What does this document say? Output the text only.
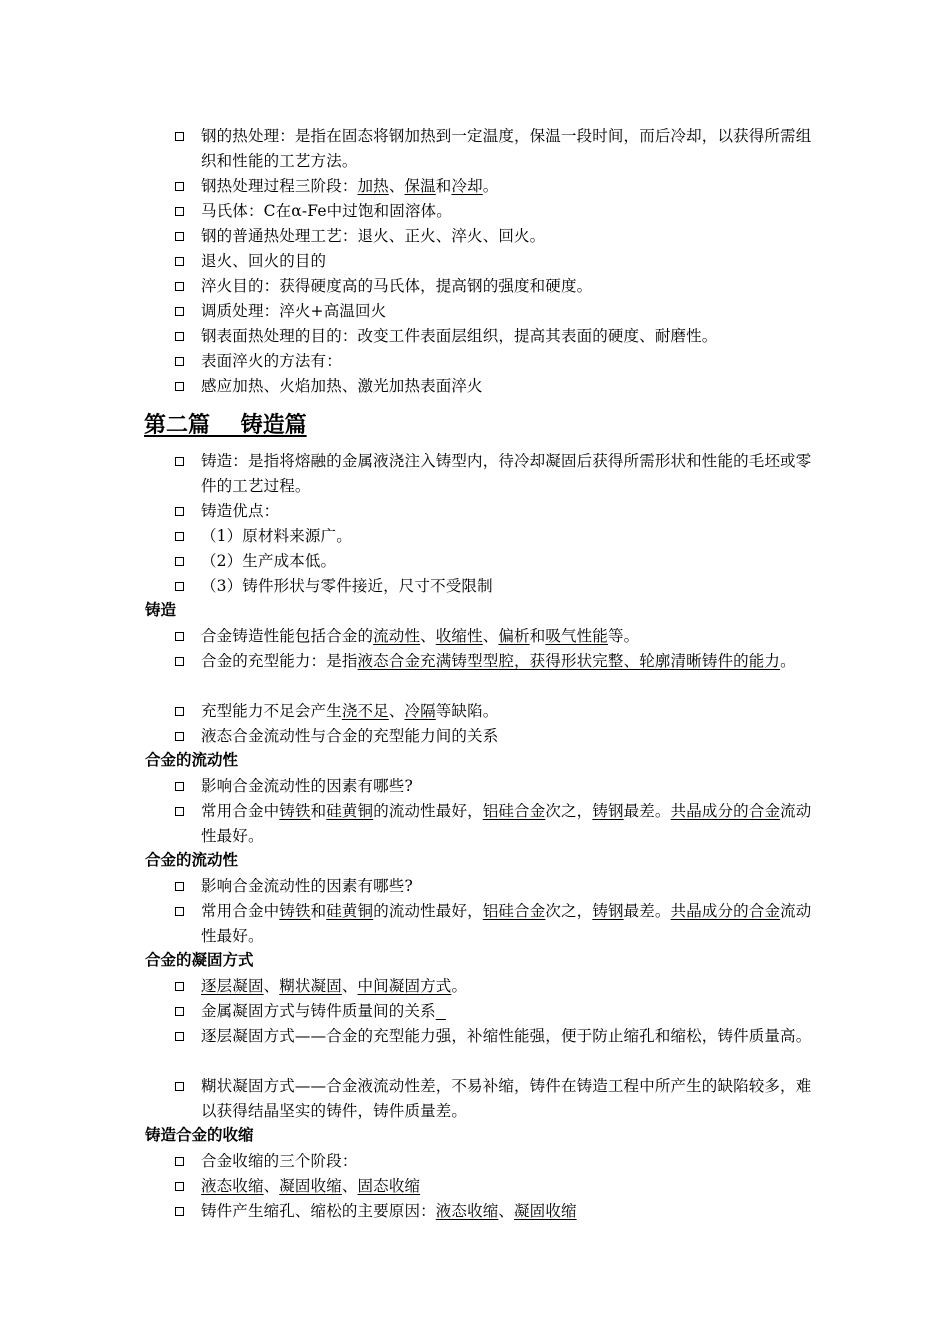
钢的热处理：是指在固态将钢加热到一定温度，保温一段时间，而后冷却，以获得所需组织和性能的工艺方法。
钢热处理过程三阶段：加热、保温和冷却。
马氏体：C在α-Fe中过饱和固溶体。
钢的普通热处理工艺：退火、正火、淬火、回火。
退火、回火的目的
淬火目的：获得硬度高的马氏体，提高钢的强度和硬度。
调质处理：淬火+高温回火
钢表面热处理的目的：改变工件表面层组织，提高其表面的硬度、耐磨性。
表面淬火的方法有：
感应加热、火焰加热、激光加热表面淬火
第二篇    铸造篇
铸造：是指将熔融的金属液浇注入铸型内，待冷却凝固后获得所需形状和性能的毛坯或零件的工艺过程。
铸造优点：
（1）原材料来源广。
（2）生产成本低。
（3）铸件形状与零件接近，尺寸不受限制
铸造
合金铸造性能包括合金的流动性、收缩性、偏析和吸气性能等。
合金的充型能力：是指液态合金充满铸型型腔，获得形状完整、轮廓清晰铸件的能力。
充型能力不足会产生浇不足、冷隔等缺陷。
液态合金流动性与合金的充型能力间的关系
合金的流动性
影响合金流动性的因素有哪些?
常用合金中铸铁和硅黄铜的流动性最好，铝硅合金次之，铸钢最差。共晶成分的合金流动性最好。
合金的流动性
影响合金流动性的因素有哪些?
常用合金中铸铁和硅黄铜的流动性最好，铝硅合金次之，铸钢最差。共晶成分的合金流动性最好。
合金的凝固方式
逐层凝固、糊状凝固、中间凝固方式。
金属凝固方式与铸件质量间的关系
逐层凝固方式——合金的充型能力强，补缩性能强，便于防止缩孔和缩松，铸件质量高。
糊状凝固方式——合金液流动性差，不易补缩，铸件在铸造工程中所产生的缺陷较多，难以获得结晶坚实的铸件，铸件质量差。
铸造合金的收缩
合金收缩的三个阶段：
液态收缩、凝固收缩、固态收缩
铸件产生缩孔、缩松的主要原因：液态收缩、凝固收缩
